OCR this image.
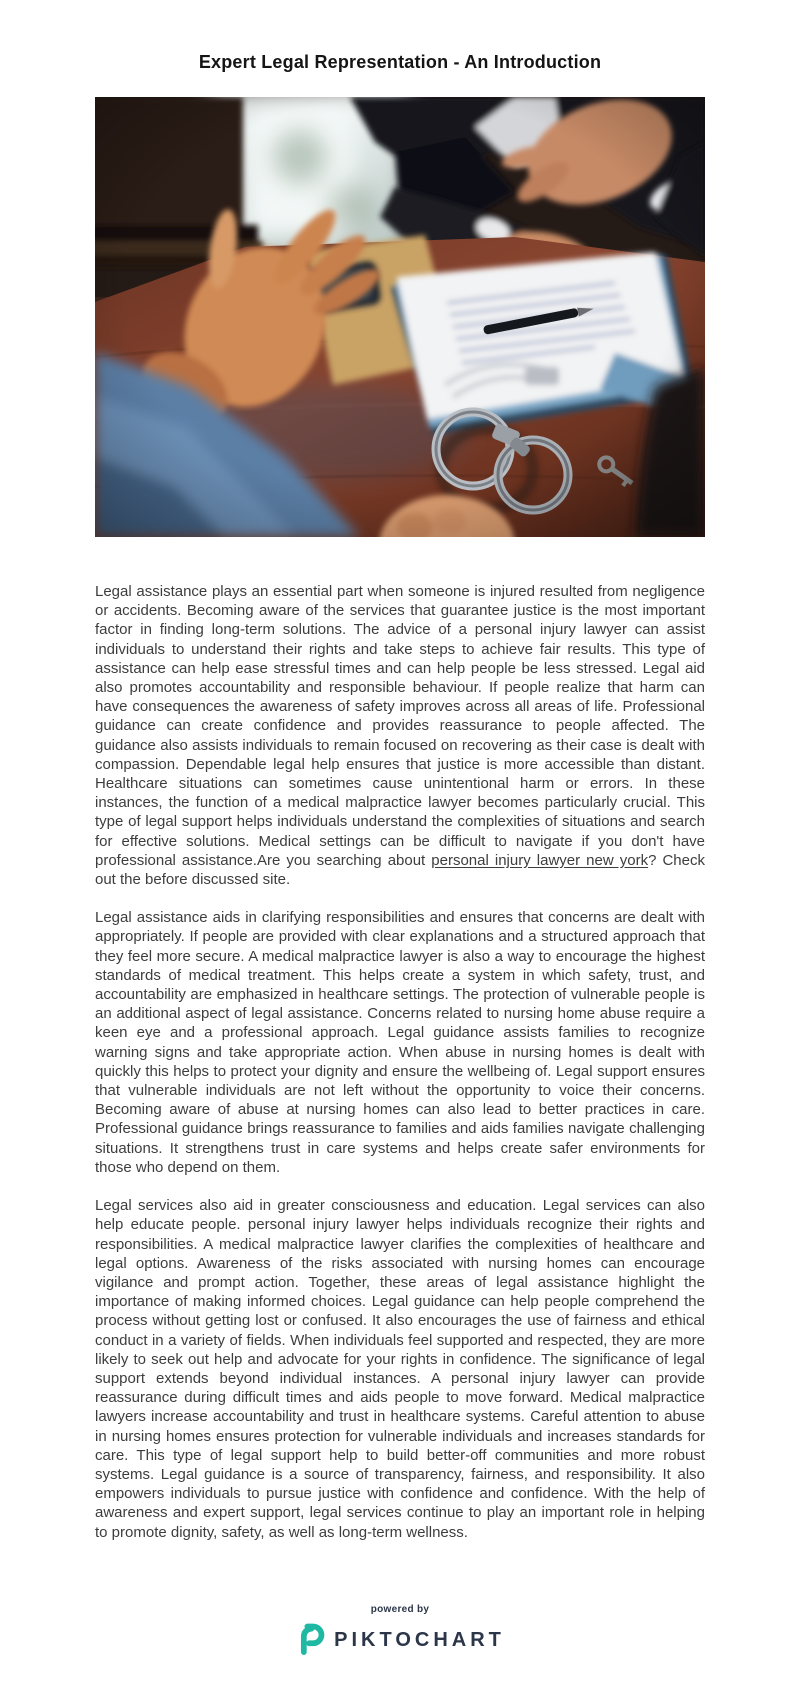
Expert Legal Representation - An Introduction

Legal assistance plays an essential part when someone is injured resulted from negligence or accidents. Becoming aware of the services that guarantee justice is the most important factor in finding long-term solutions. The advice of a personal injury lawyer can assist individuals to understand their rights and take steps to achieve fair results. This type of assistance can help ease stressful times and can help people be less stressed. Legal aid also promotes accountability and responsible behaviour. If people realize that harm can have consequences the awareness of safety improves across all areas of life. Professional guidance can create confidence and provides reassurance to people affected. The guidance also assists individuals to remain focused on recovering as their case is dealt with compassion. Dependable legal help ensures that justice is more accessible than distant. Healthcare situations can sometimes cause unintentional harm or errors. In these instances, the function of a medical malpractice lawyer becomes particularly crucial. This type of legal support helps individuals understand the complexities of situations and search for effective solutions. Medical settings can be difficult to navigate if you don't have professional assistance.Are you searching about personal injury lawyer new york? Check out the before discussed site.

Legal assistance aids in clarifying responsibilities and ensures that concerns are dealt with appropriately. If people are provided with clear explanations and a structured approach that they feel more secure. A medical malpractice lawyer is also a way to encourage the highest standards of medical treatment. This helps create a system in which safety, trust, and accountability are emphasized in healthcare settings. The protection of vulnerable people is an additional aspect of legal assistance. Concerns related to nursing home abuse require a keen eye and a professional approach. Legal guidance assists families to recognize warning signs and take appropriate action. When abuse in nursing homes is dealt with quickly this helps to protect your dignity and ensure the wellbeing of. Legal support ensures that vulnerable individuals are not left without the opportunity to voice their concerns. Becoming aware of abuse at nursing homes can also lead to better practices in care. Professional guidance brings reassurance to families and aids families navigate challenging situations. It strengthens trust in care systems and helps create safer environments for those who depend on them.

Legal services also aid in greater consciousness and education. Legal services can also help educate people. personal injury lawyer helps individuals recognize their rights and responsibilities. A medical malpractice lawyer clarifies the complexities of healthcare and legal options. Awareness of the risks associated with nursing homes can encourage vigilance and prompt action. Together, these areas of legal assistance highlight the importance of making informed choices. Legal guidance can help people comprehend the process without getting lost or confused. It also encourages the use of fairness and ethical conduct in a variety of fields. When individuals feel supported and respected, they are more likely to seek out help and advocate for your rights in confidence. The significance of legal support extends beyond individual instances. A personal injury lawyer can provide reassurance during difficult times and aids people to move forward. Medical malpractice lawyers increase accountability and trust in healthcare systems. Careful attention to abuse in nursing homes ensures protection for vulnerable individuals and increases standards for care. This type of legal support help to build better-off communities and more robust systems. Legal guidance is a source of transparency, fairness, and responsibility. It also empowers individuals to pursue justice with confidence and confidence. With the help of awareness and expert support, legal services continue to play an important role in helping to promote dignity, safety, as well as long-term wellness.

powered by
PIKTOCHART
